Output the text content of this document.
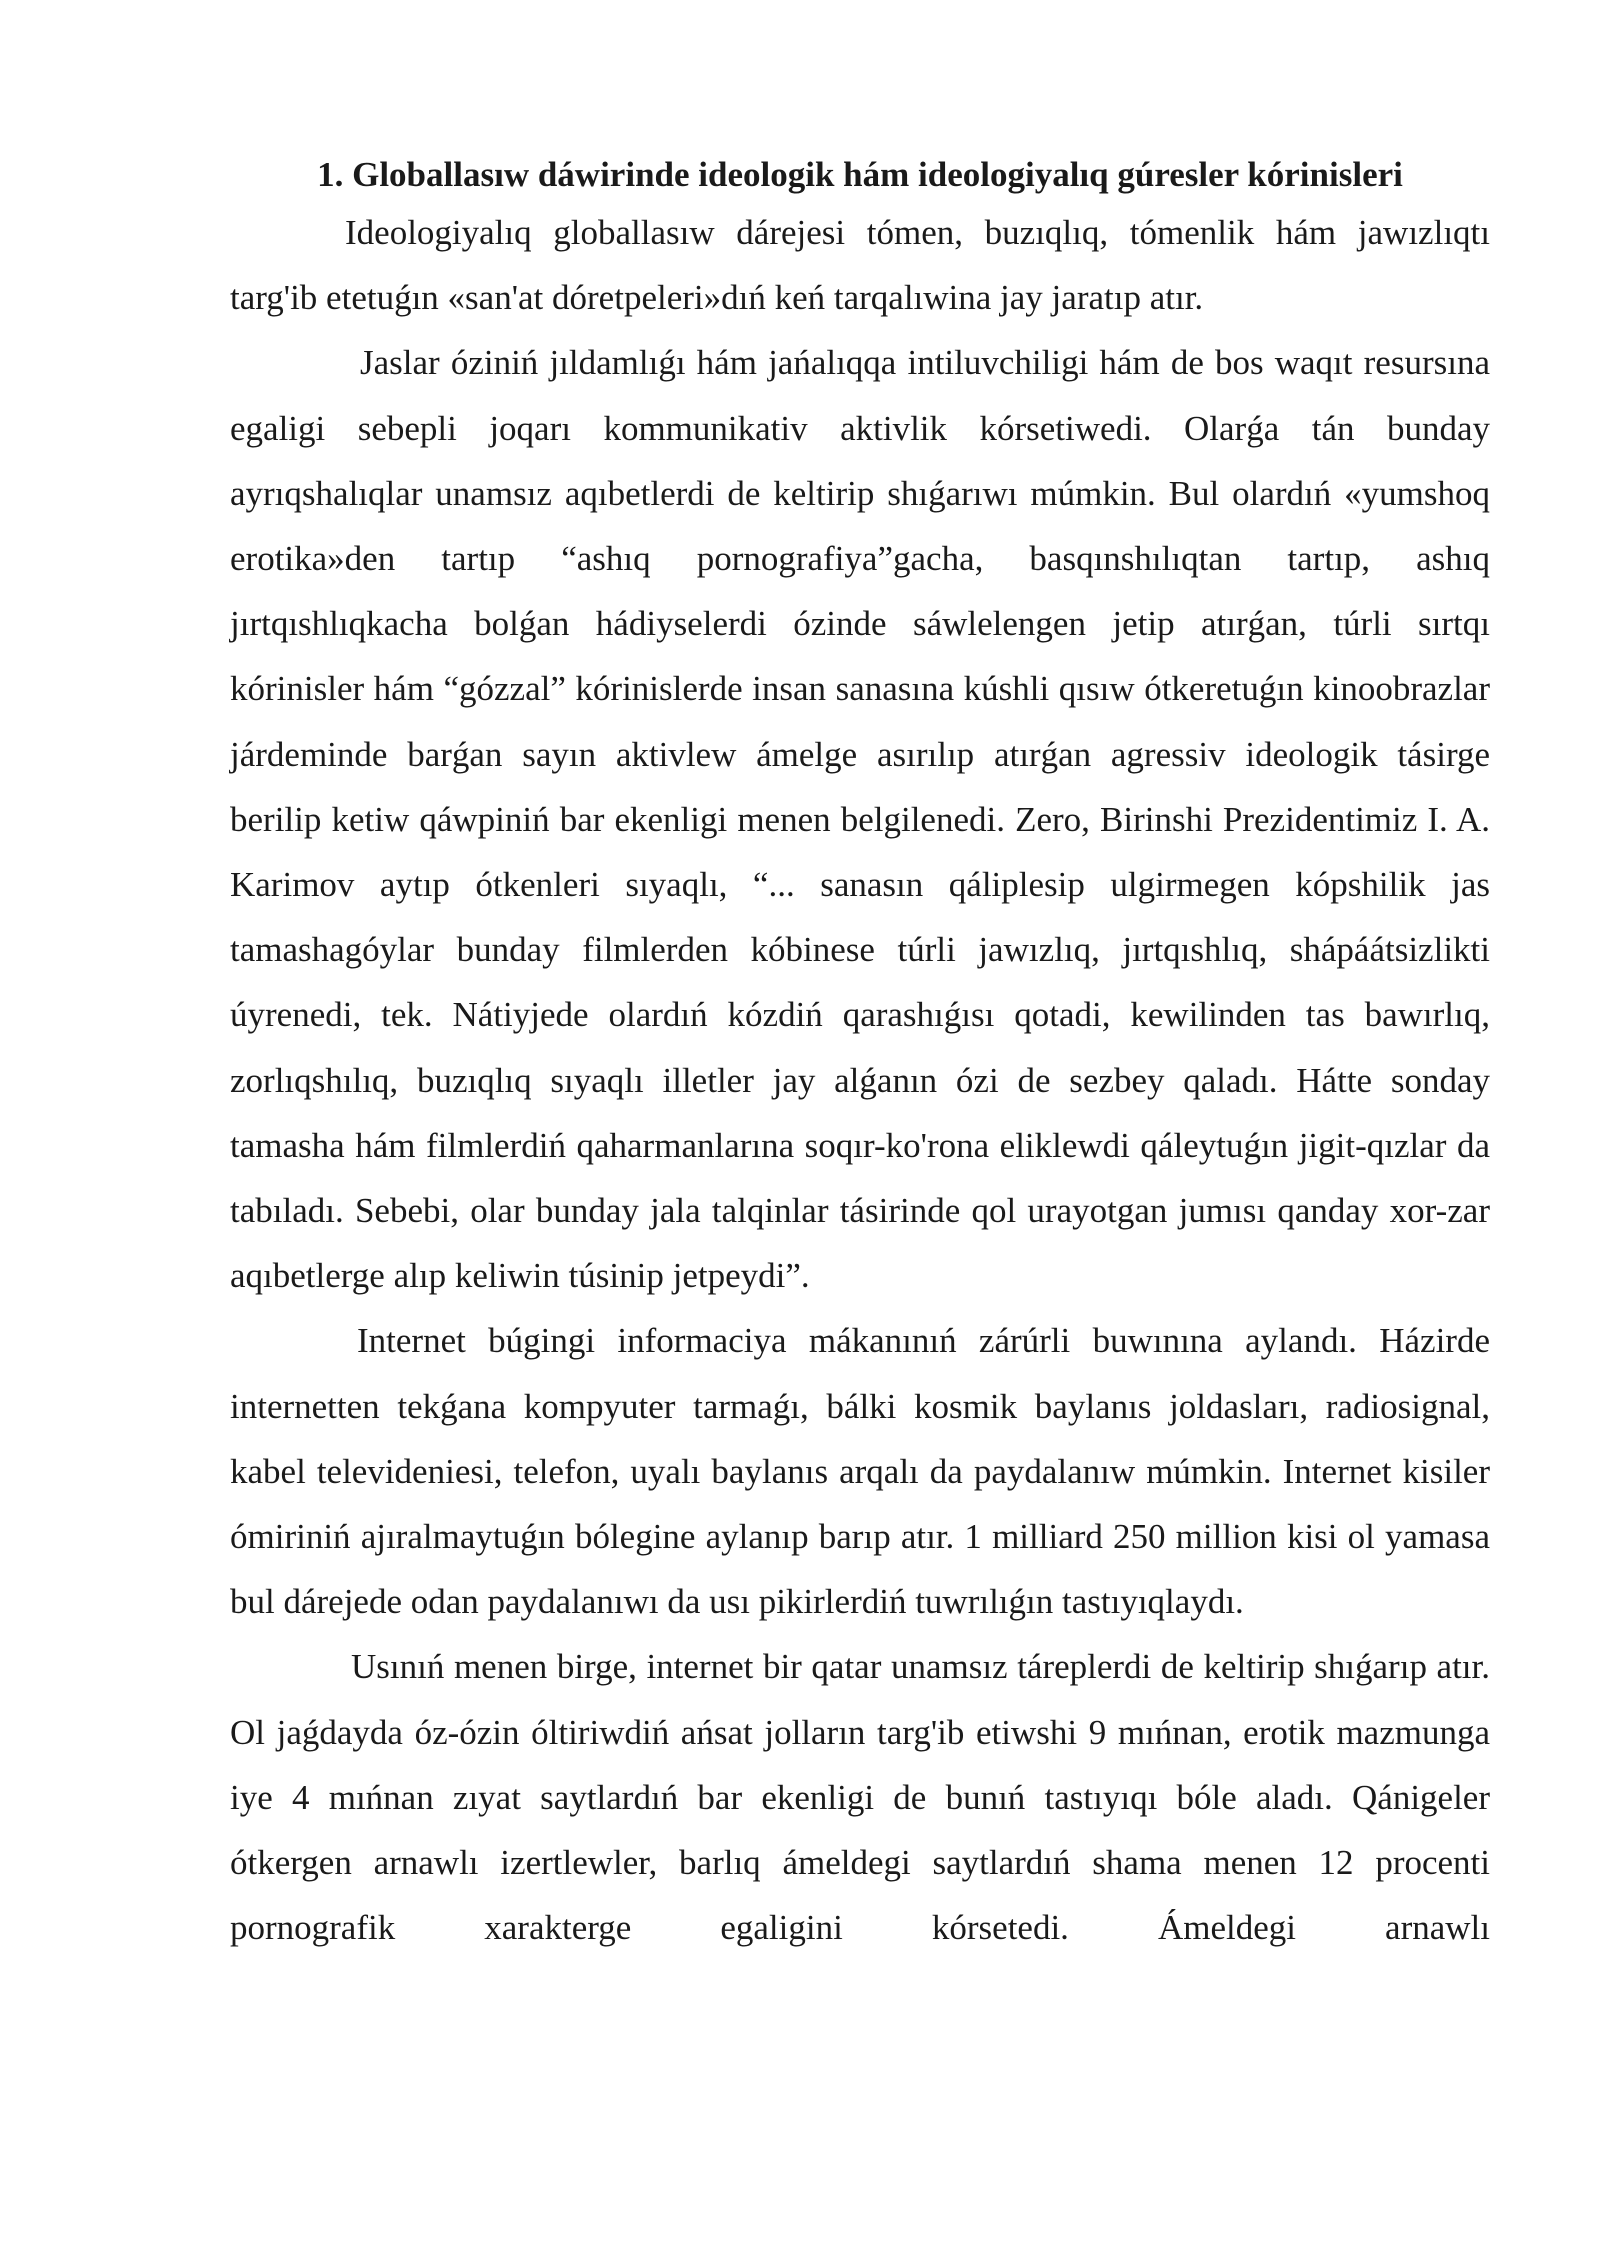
1. Globallasıw dáwirinde ideologik hám ideologiyalıq gúresler kórinisleri

Ideologiyalıq globallasıw dárejesi tómen, buzıqlıq, tómenlik hám jawızlıqtı targ'ib etetuǵın «san'at dóretpeleri»dıń keń tarqalıwina jay jaratıp atır.

Jaslar óziniń jıldamlıǵı hám jańalıqqa intiluvchiligi hám de bos waqıt resursına egaligi sebepli joqarı kommunikativ aktivlik kórsetiwedi. Olarǵa tán bunday ayrıqshalıqlar unamsız aqıbetlerdi de keltirip shıǵarıwı múmkin. Bul olardıń «yumshoq erotika»den tartıp “ashıq pornografiya”gacha, basqınshılıqtan tartıp, ashıq jırtqıshlıqkacha bolǵan hádiyselerdi ózinde sáwlelengen jetip atırǵan, túrli sırtqı kórinisler hám “gózzal” kórinislerde insan sanasına kúshli qısıw ótkeretuǵın kinoobrazlar járdeminde barǵan sayın aktivlew ámelge asırılıp atırǵan agressiv ideologik tásirge berilip ketiw qáwpiniń bar ekenligi menen belgilenedi. Zero, Birinshi Prezidentimiz I. A. Karimov aytıp ótkenleri sıyaqlı, “... sanasın qáliplesip ulgirmegen kópshilik jas tamashagóylar bunday filmlerden kóbinese túrli jawızlıq, jırtqıshlıq, shápáátsizlikti úyrenedi, tek. Nátiyjede olardıń kózdiń qarashıǵısı qotadi, kewilinden tas bawırlıq, zorlıqshılıq, buzıqlıq sıyaqlı illetler jay alǵanın ózi de sezbey qaladı. Hátte sonday tamasha hám filmlerdiń qaharmanlarına soqır-ko'rona eliklewdi qáleytuǵın jigit-qızlar da tabıladı. Sebebi, olar bunday jala talqinlar tásirinde qol urayotgan jumısı qanday xor-zar aqıbetlerge alıp keliwin túsinip jetpeydi”.

Internet búgingi informaciya mákanınıń zárúrli buwınına aylandı. Házirde internetten tekǵana kompyuter tarmaǵı, bálki kosmik baylanıs joldasları, radiosignal, kabel televideniesi, telefon, uyalı baylanıs arqalı da paydalanıw múmkin. Internet kisiler ómiriniń ajıralmaytuǵın bólegine aylanıp barıp atır. 1 milliard 250 million kisi ol yamasa bul dárejede odan paydalanıwı da usı pikirlerdiń tuwrılıǵın tastıyıqlaydı.

Usınıń menen birge, internet bir qatar unamsız táreplerdi de keltirip shıǵarıp atır. Ol jaǵdayda óz-ózin óltiriwdiń ańsat jolların targ'ib etiwshi 9 mıńnan, erotik mazmunga iye 4 mıńnan zıyat saytlardıń bar ekenligi de bunıń tastıyıqı bóle aladı. Qánigeler ótkergen arnawlı izertlewler, barlıq ámeldegi saytlardıń shama menen 12 procenti pornografik xarakterge egaligini kórsetedi. Ámeldegi arnawlı
